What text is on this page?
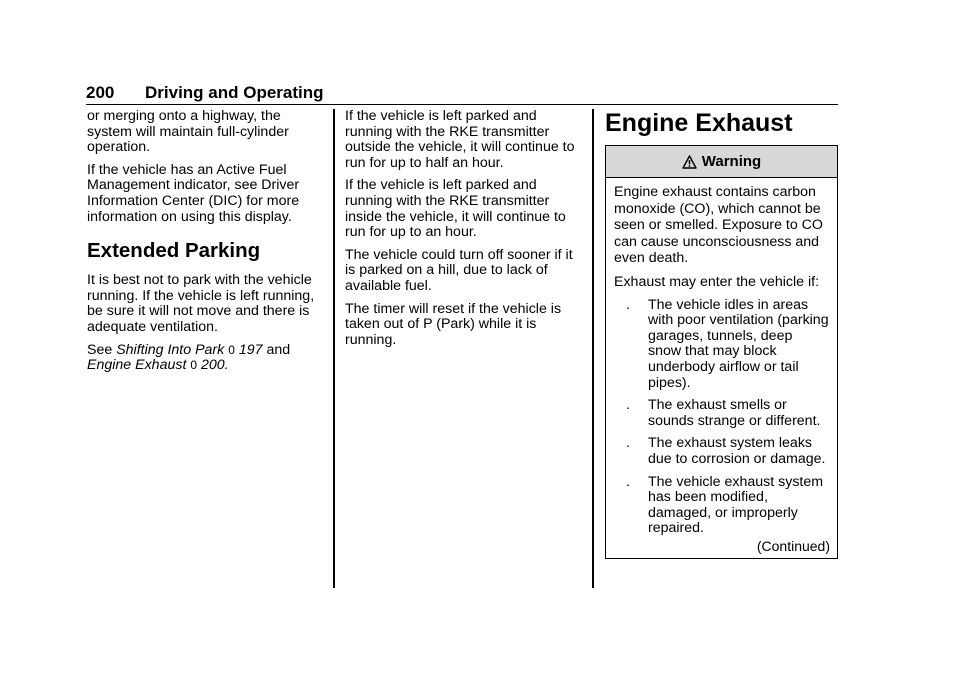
200 Driving and Operating

or merging onto a highway, the system will maintain full-cylinder operation.

If the vehicle has an Active Fuel Management indicator, see Driver Information Center (DIC) for more information on using this display.

Extended Parking

It is best not to park with the vehicle running. If the vehicle is left running, be sure it will not move and there is adequate ventilation.

See Shifting Into Park 0 197 and
Engine Exhaust 0 200.

If the vehicle is left parked and running with the RKE transmitter outside the vehicle, it will continue to run for up to half an hour.

If the vehicle is left parked and running with the RKE transmitter inside the vehicle, it will continue to run for up to an hour.

The vehicle could turn off sooner if it is parked on a hill, due to lack of available fuel.

The timer will reset if the vehicle is taken out of P (Park) while it is running.

Engine Exhaust
Warning

Engine exhaust contains carbon monoxide (CO), which cannot be seen or smelled. Exposure to CO can cause unconsciousness and even death.

Exhaust may enter the vehicle if:

. The vehicle idles in areas with poor ventilation (parking garages, tunnels, deep snow that may block underbody airflow or tail pipes).
. The exhaust smells or sounds strange or different.
. The exhaust system leaks due to corrosion or damage.
. The vehicle exhaust system has been modified, damaged, or improperly repaired.
(Continued)
